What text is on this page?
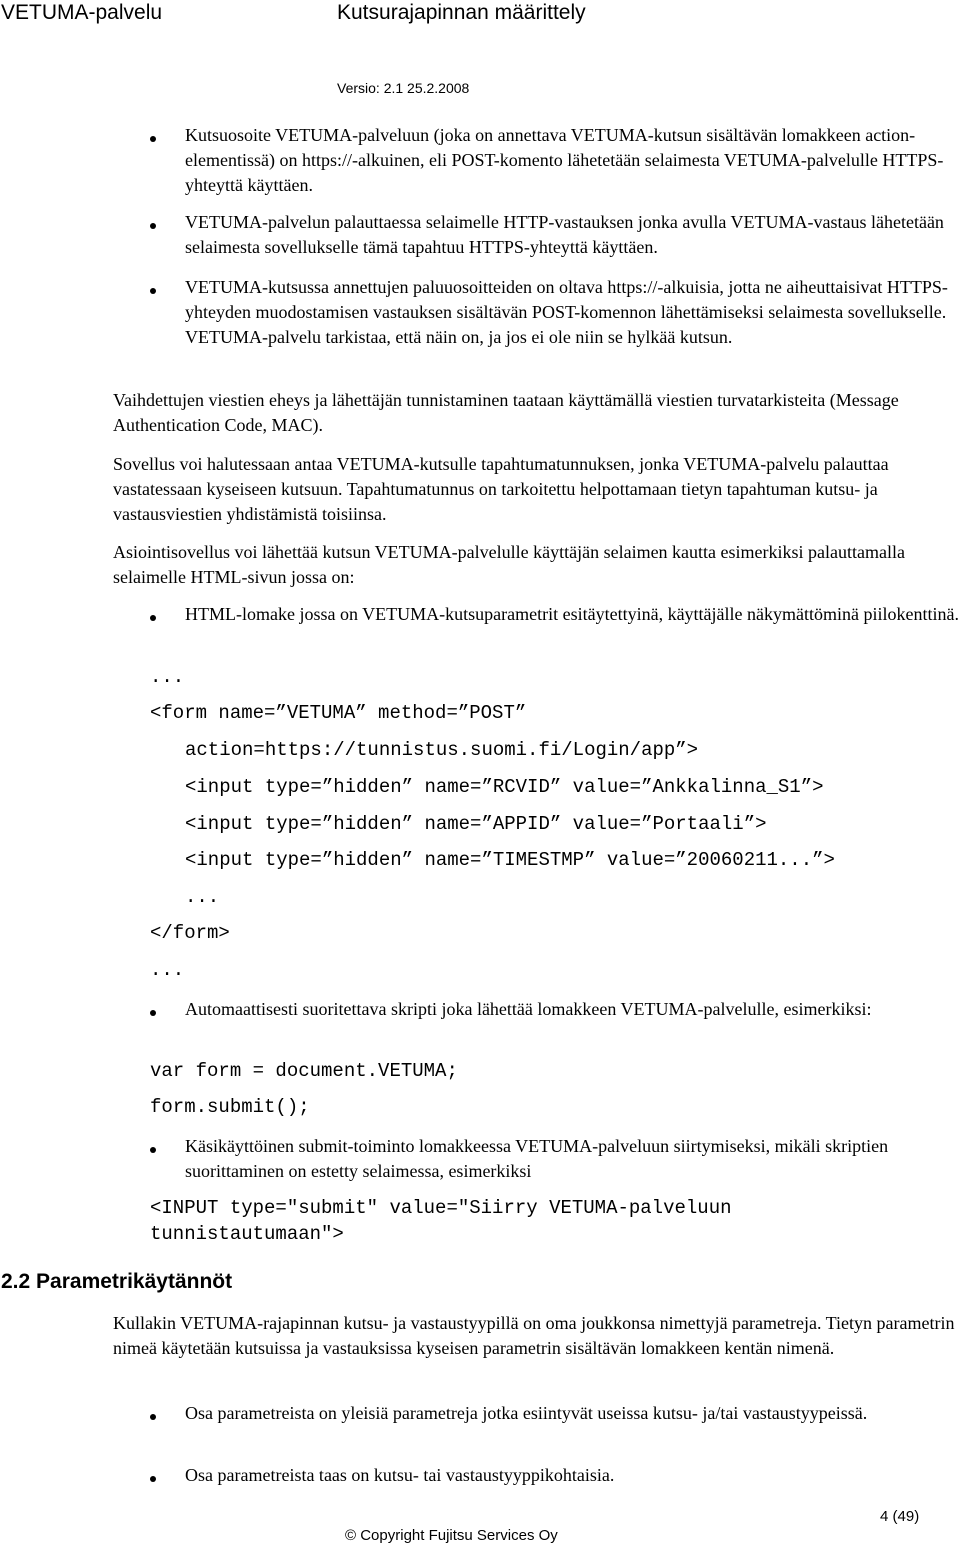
VETUMA-palvelu	Kutsurajapinnan määrittely
Versio: 2.1 25.2.2008
Kutsuosoite VETUMA-palveluun (joka on annettava VETUMA-kutsun sisältävän lomakkeen action-elementissä) on https://-alkuinen, eli POST-komento lähetetään selaimesta VETUMA-palvelulle HTTPS-yhteyttä käyttäen.
VETUMA-palvelun palauttaessa selaimelle HTTP-vastauksen jonka avulla VETUMA-vastaus lähetetään selaimesta sovellukselle tämä tapahtuu HTTPS-yhteyttä käyttäen.
VETUMA-kutsussa annettujen paluuosoitteiden on oltava https://-alkuisia, jotta ne aiheuttaisivat HTTPS-yhteyden muodostamisen vastauksen sisältävän POST-komennon lähettämiseksi selaimesta sovellukselle. VETUMA-palvelu tarkistaa, että näin on, ja jos ei ole niin se hylkää kutsun.
Vaihdettujen viestien eheys ja lähettäjän tunnistaminen taataan käyttämällä viestien turvatarkisteita (Message Authentication Code, MAC).
Sovellus voi halutessaan antaa VETUMA-kutsulle tapahtumatunnuksen, jonka VETUMA-palvelu palauttaa vastatessaan kyseiseen kutsuun. Tapahtumatunnus on tarkoitettu helpottamaan tietyn tapahtuman kutsu- ja vastausviestien yhdistämistä toisiinsa.
Asiointisovellus voi lähettää kutsun VETUMA-palvelulle käyttäjän selaimen kautta esimerkiksi palauttamalla selaimelle HTML-sivun jossa on:
HTML-lomake jossa on VETUMA-kutsuparametrit esitäytettyinä, käyttäjälle näkymättöminä piilokenttinä.
...
<form name=”VETUMA” method=”POST”
action=https://tunnistus.suomi.fi/Login/app”>
<input type=”hidden” name=”RCVID” value=”Ankkalinna_S1”>
<input type=”hidden” name=”APPID” value=”Portaali”>
<input type=”hidden” name=”TIMESTMP” value=”20060211...”>
...
</form>
...
Automaattisesti suoritettava skripti joka lähettää lomakkeen VETUMA-palvelulle, esimerkiksi:
var form = document.VETUMA;
form.submit();
Käsikäyttöinen submit-toiminto lomakkeessa VETUMA-palveluun siirtymiseksi, mikäli skriptien suorittaminen on estetty selaimessa, esimerkiksi
<INPUT type="submit" value="Siirry VETUMA-palveluun
tunnistautumaan">
2.2 Parametrikäytännöt
Kullakin VETUMA-rajapinnan kutsu- ja vastaustyypillä on oma joukkonsa nimettyjä parametreja. Tietyn parametrin nimeä käytetään kutsuissa ja vastauksissa kyseisen parametrin sisältävän lomakkeen kentän nimenä.
Osa parametreista on yleisiä parametreja jotka esiintyvät useissa kutsu- ja/tai vastaustyypeissä.
Osa parametreista taas on kutsu- tai vastaustyyppikohtaisia.
4 (49)
© Copyright Fujitsu Services Oy
